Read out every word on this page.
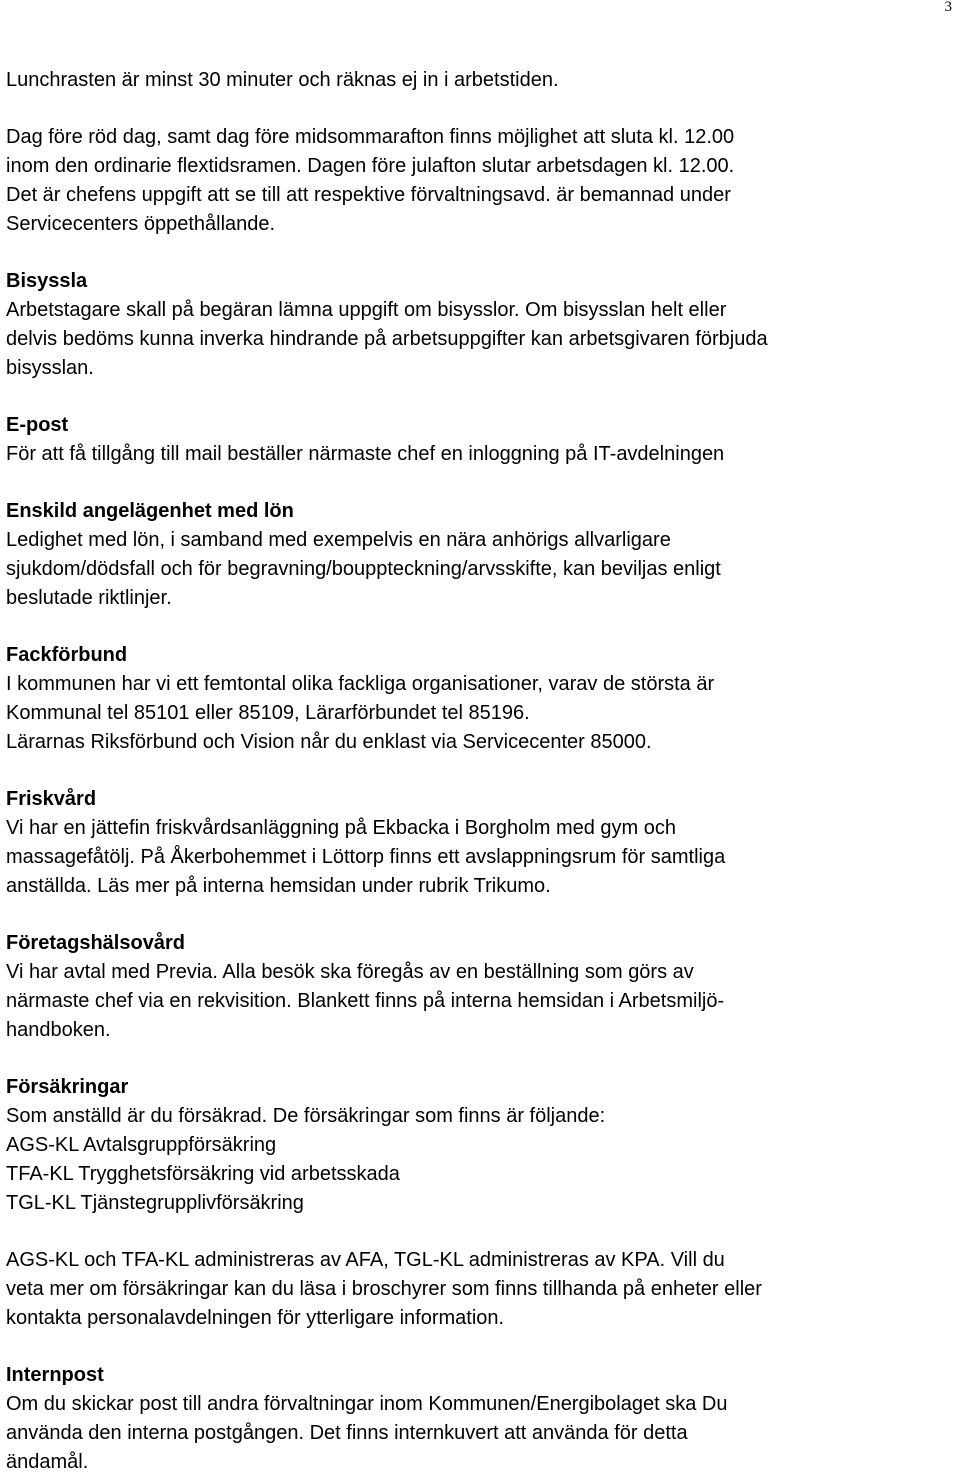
3
Lunchrasten är minst 30 minuter och räknas ej in i arbetstiden.
Dag före röd dag, samt dag före midsommarafton finns möjlighet att sluta kl. 12.00
inom den ordinarie flextidsramen. Dagen före julafton slutar arbetsdagen kl. 12.00.
Det är chefens uppgift att se till att respektive förvaltningsavd. är bemannad under
Servicecenters öppethållande.
Bisyssla
Arbetstagare skall på begäran lämna uppgift om bisysslor. Om bisysslan helt eller
delvis bedöms kunna inverka hindrande på arbetsuppgifter kan arbetsgivaren förbjuda
bisysslan.
E-post
För att få tillgång till mail beställer närmaste chef en inloggning på IT-avdelningen
Enskild angelägenhet med lön
Ledighet med lön, i samband med exempelvis en nära anhörigs allvarligare
sjukdom/dödsfall och för begravning/bouppteckning/arvsskifte, kan beviljas enligt
beslutade riktlinjer.
Fackförbund
I kommunen har vi ett femtontal olika fackliga organisationer, varav de största är
Kommunal tel 85101 eller 85109, Lärarförbundet tel 85196.
Lärarnas Riksförbund och Vision når du enklast via Servicecenter 85000.
Friskvård
Vi har en jättefin friskvårdsanläggning på Ekbacka i Borgholm med gym och
massagefåtölj. På Åkerbohemmet i Löttorp finns ett avslappningsrum för samtliga
anställda. Läs mer på interna hemsidan under rubrik Trikumo.
Företagshälsovård
Vi har avtal med Previa. Alla besök ska föregås av en beställning som görs av
närmaste chef via en rekvisition. Blankett finns på interna hemsidan i Arbetsmiljö-
handboken.
Försäkringar
Som anställd är du försäkrad. De försäkringar som finns är följande:
AGS-KL Avtalsgruppförsäkring
TFA-KL Trygghetsförsäkring vid arbetsskada
TGL-KL Tjänstegrupplivförsäkring
AGS-KL och TFA-KL administreras av AFA, TGL-KL administreras av KPA. Vill du
veta mer om försäkringar kan du läsa i broschyrer som finns tillhanda på enheter eller
kontakta personalavdelningen för ytterligare information.
Internpost
Om du skickar post till andra förvaltningar inom Kommunen/Energibolaget ska Du
använda den interna postgången. Det finns internkuvert att använda för detta
ändamål.
